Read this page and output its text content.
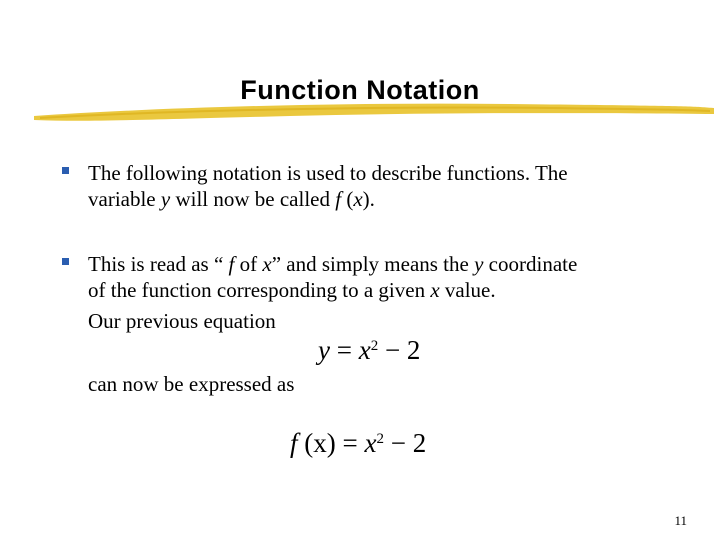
Function Notation
The following notation is used to describe functions. The
variable y will now be called f (x).
This is read as “ f of x” and simply means the y coordinate
of the function corresponding to a given x value.
Our previous equation
$y = x^2 - 2$
can now be expressed as
f $(x) = x^2 - 2$
11
